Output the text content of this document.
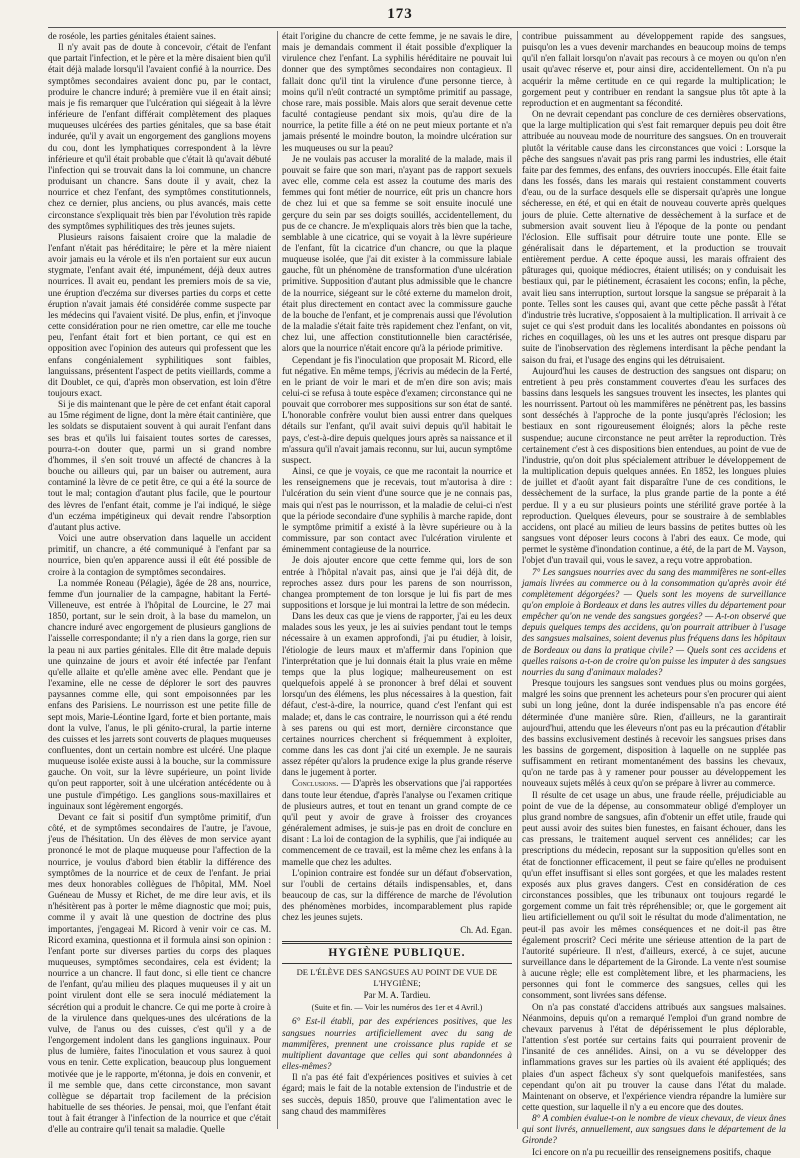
173

de roséole, les parties génitales étaient saines.

Il n'y avait pas de doute à concevoir, c'était de l'enfant que partait l'infection, et le père et la mère disaient bien qu'il était déjà malade lorsqu'il l'avaient confié à la nourrice. Des symptômes secondaires avaient donc pu, par le contact, produire le chancre induré; à première vue il en était ainsi; mais je fis remarquer que l'ulcération qui siégeait à la lèvre inférieure de l'enfant différait complètement des plaques muqueuses ulcérées des parties génitales, que sa base était indurée, qu'il y avait un engorgement des ganglions moyens du cou, dont les lymphatiques correspondent à la lèvre inférieure et qu'il était probable que c'était là qu'avait débuté l'infection qui se trouvait dans la loi commune, un chancre produisant un chancre. Sans doute il y avait, chez la nourrice et chez l'enfant, des symptômes constitutionnels, chez ce dernier, plus anciens, ou plus avancés, mais cette circonstance s'expliquait très bien par l'évolution très rapide des symptômes syphilitiques des très jeunes sujets.

Plusieurs raisons faisaient croire que la maladie de l'enfant n'était pas héréditaire; le père et la mère niaient avoir jamais eu la vérole et ils n'en portaient sur eux aucun stygmate, l'enfant avait été, impunément, déjà deux autres nourrices. Il avait eu, pendant les premiers mois de sa vie, une éruption d'eczéma sur diverses parties du corps et cette éruption n'avait jamais été considérée comme suspecte par les médecins qui l'avaient visité. De plus, enfin, et j'invoque cette considération pour ne rien omettre, car elle me touche peu, l'enfant était fort et bien portant, ce qui est en opposition avec l'opinion des auteurs qui professent que les enfans congénialement syphilitiques sont faibles, languissans, présentent l'aspect de petits vieillards, comme a dit Doublet, ce qui, d'après mon observation, est loin d'être toujours exact.

Si je dis maintenant que le père de cet enfant était caporal au 15me régiment de ligne, dont la mère était cantinière, que les soldats se disputaient souvent à qui aurait l'enfant dans ses bras et qu'ils lui faisaient toutes sortes de caresses, pourra-t-on douter que, parmi un si grand nombre d'hommes, il s'en soit trouvé un affecté de chancres à la bouche ou ailleurs qui, par un baiser ou autrement, aura contaminé la lèvre de ce petit être, ce qui a été la source de tout le mal; contagion d'autant plus facile, que le pourtour des lèvres de l'enfant était, comme je l'ai indiqué, le siège d'un eczéma impétigineux qui devait rendre l'absorption d'autant plus active.

Voici une autre observation dans laquelle un accident primitif, un chancre, a été communiqué à l'enfant par sa nourrice, bien qu'en apparence aussi il eût été possible de croire à la contagion de symptômes secondaires.

La nommée Roneau (Pélagie), âgée de 28 ans, nourrice, femme d'un journalier de la campagne, habitant la Ferté-Villeneuve, est entrée à l'hôpital de Lourcine, le 27 mai 1850, portant, sur le sein droit, à la base du mamelon, un chancre induré avec engorgement de plusieurs ganglions de l'aisselle correspondante; il n'y a rien dans la gorge, rien sur la peau ni aux parties génitales. Elle dit être malade depuis une quinzaine de jours et avoir été infectée par l'enfant qu'elle allaite et qu'elle amène avec elle. Pendant que je l'examine, elle ne cesse de déplorer le sort des pauvres paysannes comme elle, qui sont empoisonnées par les enfans des Parisiens. Le nourrisson est une petite fille de sept mois, Marie-Léontine Igard, forte et bien portante, mais dont la vulve, l'anus, le pli génito-crural, la partie interne des cuisses et les jarrets sont couverts de plaques muqueuses confluentes, dont un certain nombre est ulcéré. Une plaque muqueuse isolée existe aussi à la bouche, sur la commissure gauche. On voit, sur la lèvre supérieure, un point livide qu'on peut rapporter, soit à une ulcération antécédente ou à une pustule d'impétigo. Les ganglions sous-maxillaires et inguinaux sont légèrement engorgés.

Devant ce fait si positif d'un symptôme primitif, d'un côté, et de symptômes secondaires de l'autre, je l'avoue, j'eus de l'hésitation. Un des élèves de mon service ayant prononcé le mot de plaque muqueuse pour l'affection de la nourrice, je voulus d'abord bien établir la différence des symptômes de la nourrice et de ceux de l'enfant. Je priai mes deux honorables collègues de l'hôpital, MM. Noel Guéneau de Mussy et Richet, de me dire leur avis, et ils n'hésitèrent pas à porter le même diagnostic que moi; puis, comme il y avait là une question de doctrine des plus importantes, j'engageai M. Ricord à venir voir ce cas. M. Ricord examina, questionna et il formula ainsi son opinion : l'enfant porte sur diverses parties du corps des plaques muqueuses, symptômes secondaires, cela est évident; la nourrice a un chancre. Il faut donc, si elle tient ce chancre de l'enfant, qu'au milieu des plaques muqueuses il y ait un point virulent dont elle se sera inoculé médiatement la sécrétion qui a produit le chancre. Ce qui me porte à croire à de la virulence dans quelques-unes des ulcérations de la vulve, de l'anus ou des cuisses, c'est qu'il y a de l'engorgement indolent dans les ganglions inguinaux. Pour plus de lumière, faites l'inoculation et vous saurez à quoi vous en tenir. Cette explication, beaucoup plus longuement motivée que je le rapporte, m'étonna, je dois en convenir, et il me semble que, dans cette circonstance, mon savant collègue se départait trop facilement de la précision habituelle de ses théories. Je pensai, moi, que l'enfant était tout à fait étranger à l'infection de la nourrice et que c'était d'elle au contraire qu'il tenait sa maladie. Quelle

était l'origine du chancre de cette femme, je ne savais le dire, mais je demandais comment il était possible d'expliquer la virulence chez l'enfant. La syphilis héréditaire ne pouvait lui donner que des symptômes secondaires non contagieux. Il fallait donc qu'il tint la virulence d'une personne tierce, à moins qu'il n'eût contracté un symptôme primitif au passage, chose rare, mais possible. Mais alors que serait devenue cette faculté contagieuse pendant six mois, qu'au dire de la nourrice, la petite fille a été on ne peut mieux portante et n'a jamais présenté le moindre bouton, la moindre ulcération sur les muqueuses ou sur la peau?

Je ne voulais pas accuser la moralité de la malade, mais il pouvait se faire que son mari, n'ayant pas de rapport sexuels avec elle, comme cela est assez la coutume des maris des femmes qui font métier de nourrice, eût pris un chancre hors de chez lui et que sa femme se soit ensuite inoculé une gerçure du sein par ses doigts souillés, accidentellement, du pus de ce chancre. Je m'expliquais alors très bien que la tache, semblable à une cicatrice, qui se voyait à la lèvre supérieure de l'enfant, fût la cicatrice d'un chancre, ou que la plaque muqueuse isolée, que j'ai dit exister à la commissure labiale gauche, fût un phénomène de transformation d'une ulcération primitive. Supposition d'autant plus admissible que le chancre de la nourrice, siégeant sur le côté externe du mamelon droit, était plus directement en contact avec la commissure gauche de la bouche de l'enfant, et je comprenais aussi que l'évolution de la maladie s'était faite très rapidement chez l'enfant, on vit, chez lui, une affection constitutionnelle bien caractérisée, alors que la nourrice n'était encore qu'à la période primitive.

Cependant je fis l'inoculation que proposait M. Ricord, elle fut négative. En même temps, j'écrivis au médecin de la Ferté, en le priant de voir le mari et de m'en dire son avis; mais celui-ci se refusa à toute espèce d'examen; circonstance qui ne pouvait que corroborer mes suppositions sur son état de santé. L'honorable confrère voulut bien aussi entrer dans quelques détails sur l'enfant, qu'il avait suivi depuis qu'il habitait le pays, c'est-à-dire depuis quelques jours après sa naissance et il m'assura qu'il n'avait jamais reconnu, sur lui, aucun symptôme suspect.

Ainsi, ce que je voyais, ce que me racontait la nourrice et les renseignemens que je recevais, tout m'autorisa à dire : l'ulcération du sein vient d'une source que je ne connais pas, mais qui n'est pas le nourrisson, et la maladie de celui-ci n'est que la période secondaire d'une syphilis à marche rapide, dont le symptôme primitif a existé à la lèvre supérieure ou à la commissure, par son contact avec l'ulcération virulente et éminemment contagieuse de la nourrice.

Je dois ajouter encore que cette femme qui, lors de son entrée à l'hôpital n'avait pas, ainsi que je l'ai déjà dit, de reproches assez durs pour les parens de son nourrisson, changea promptement de ton lorsque je lui fis part de mes suppositions et lorsque je lui montrai la lettre de son médecin.

Dans les deux cas que je viens de rapporter, j'ai eu les deux malades sous les yeux, je les ai suivies pendant tout le temps nécessaire à un examen approfondi, j'ai pu étudier, à loisir, l'étiologie de leurs maux et m'affermir dans l'opinion que l'interprétation que je lui donnais était la plus vraie en même temps que la plus logique; malheureusement on est quelquefois appelé à se prononcer à bref délai et souvent lorsqu'un des élémens, les plus nécessaires à la question, fait défaut, c'est-à-dire, la nourrice, quand c'est l'enfant qui est malade; et, dans le cas contraire, le nourrisson qui a été rendu à ses parens ou qui est mort, dernière circonstance que certaines nourrices cherchent si fréquemment à exploiter, comme dans les cas dont j'ai cité un exemple. Je ne saurais assez répéter qu'alors la prudence exige la plus grande réserve dans le jugement à porter.

Conclusions. — D'après les observations que j'ai rapportées dans toute leur étendue, d'après l'analyse ou l'examen critique de plusieurs autres, et tout en tenant un grand compte de ce qu'il peut y avoir de grave à froisser des croyances généralement admises, je suis-je pas en droit de conclure en disant : La loi de contagion de la syphilis, que j'ai indiquée au commencement de ce travail, est la même chez les enfans à la mamelle que chez les adultes.

L'opinion contraire est fondée sur un défaut d'observation, sur l'oubli de certains détails indispensables, et, dans beaucoup de cas, sur la différence de marche de l'évolution des phénomènes morbides, incomparablement plus rapide chez les jeunes sujets.

Ch. Ad. Egan.

HYGIÈNE PUBLIQUE.

DE L'ÉLÈVE DES SANGSUES AU POINT DE VUE DE L'HYGIÈNE;

Par M. A. Tardieu.

(Suite et fin. — Voir les numéros des 1er et 4 Avril.)

6° Est-il établi, par des expériences positives, que les sangsues nourries artificiellement avec du sang de mammifères, prennent une croissance plus rapide et se multiplient davantage que celles qui sont abandonnées à elles-mêmes?

Il n'a pas été fait d'expériences positives et suivies à cet égard; mais le fait de la notable extension de l'industrie et de ses succès, depuis 1850, prouve que l'alimentation avec le sang chaud des mammifères

contribue puissamment au développement rapide des sangsues, puisqu'on les a vues devenir marchandes en beaucoup moins de temps qu'il n'en fallait lorsqu'on n'avait pas recours à ce moyen ou qu'on n'en usait qu'avec réserve et, pour ainsi dire, accidentellement. On n'a pu acquérir la même certitude en ce qui regarde la multiplication; le gorgement peut y contribuer en rendant la sangsue plus tôt apte à la reproduction et en augmentant sa fécondité.

On ne devrait cependant pas conclure de ces dernières observations, que la large multiplication qui s'est fait remarquer depuis peu doit être attribuée au nouveau mode de nourriture des sangsues. On en trouverait plutôt la véritable cause dans les circonstances que voici : Lorsque la pêche des sangsues n'avait pas pris rang parmi les industries, elle était faite par des femmes, des enfans, des ouvriers inoccupés. Elle était faite dans les fossés, dans les marais qui restaient constamment couverts d'eau, ou de la surface desquels elle se dispersait qu'après une longue sécheresse, en été, et qui en était de nouveau couverte après quelques jours de pluie. Cette alternative de dessèchement à la surface et de submersion avait souvent lieu à l'époque de la ponte ou pendant l'éclosion. Elle suffisait pour détruire toute une ponte. Elle se généralisait dans le département, et la production se trouvait entièrement perdue. A cette époque aussi, les marais offraient des pâturages qui, quoique médiocres, étaient utilisés; on y conduisait les bestiaux qui, par le piétinement, écrasaient les cocons; enfin, la pêche, avait lieu sans interruption, surtout lorsque la sangsue se préparait à la ponte. Telles sont les causes qui, avant que cette pêche passât à l'état d'industrie très lucrative, s'opposaient à la multiplication. Il arrivait à ce sujet ce qui s'est produit dans les localités abondantes en poissons où riches en coquillages, où les uns et les autres ont presque disparu par suite de l'inobservation des règlemens interdisant la pêche pendant la saison du frai, et l'usage des engins qui les détruisaient.

Aujourd'hui les causes de destruction des sangsues ont disparu; on entretient à peu près constamment couvertes d'eau les surfaces des bassins dans lesquels les sangsues trouvent les insectes, les plantes qui les nourrissent. Partout où les mammifères ne pénètrent pas, les bassins sont desséchés à l'approche de la ponte jusqu'après l'éclosion; les bestiaux en sont rigoureusement éloignés; alors la pêche reste suspendue; aucune circonstance ne peut arrêter la reproduction. Très certainement c'est à ces dispositions bien entendues, au point de vue de l'industrie, qu'on doit plus spécialement attribuer le développement de la multiplication depuis quelques années. En 1852, les longues pluies de juillet et d'août ayant fait disparaître l'une de ces conditions, le dessèchement de la surface, la plus grande partie de la ponte a été perdue. Il y a eu sur plusieurs points une stérilité grave portée à la reproduction. Quelques éleveurs, pour se soustraire à de semblables accidens, ont placé au milieu de leurs bassins de petites buttes où les sangsues vont déposer leurs cocons à l'abri des eaux. Ce mode, qui permet le système d'inondation continue, a été, de la part de M. Vayson, l'objet d'un travail qui, vous le savez, a reçu votre approbation.

7° Les sangsues nourries avec du sang des mammifères ne sont-elles jamais livrées au commerce ou à la consommation qu'après avoir été complètement dégorgées? — Quels sont les moyens de surveillance qu'on emploie à Bordeaux et dans les autres villes du département pour empêcher qu'on ne vende des sangsues gorgées? — A-t-on observé que depuis quelques temps des accidens, qu'on pourrait attribuer à l'usage des sangsues malsaines, soient devenus plus fréquens dans les hôpitaux de Bordeaux ou dans la pratique civile? — Quels sont ces accidens et quelles raisons a-t-on de croire qu'on puisse les imputer à des sangsues nourries du sang d'animaux malades?

Presque toujours les sangsues sont vendues plus ou moins gorgées, malgré les soins que prennent les acheteurs pour s'en procurer qui aient subi un long jeûne, dont la durée indispensable n'a pas encore été déterminée d'une manière sûre. Rien, d'ailleurs, ne la garantirait aujourd'hui, attendu que les éleveurs n'ont pas eu la précaution d'établir des bassins exclusivement destinés à recevoir les sangsues prises dans les bassins de gorgement, disposition à laquelle on ne supplée pas suffisamment en retirant momentanément des bassins les chevaux, qu'on ne tarde pas à y ramener pour pousser au développement les nouveaux sujets mêlés à ceux qu'on se prépare à livrer au commerce.

Il résulte de cet usage un abus, une fraude réelle, préjudiciable au point de vue de la dépense, au consommateur obligé d'employer un plus grand nombre de sangsues, afin d'obtenir un effet utile, fraude qui peut aussi avoir des suites bien funestes, en faisant échouer, dans les cas pressans, le traitement auquel servent ces annélides; car les prescriptions du médecin, reposant sur la supposition qu'elles sont en état de fonctionner efficacement, il peut se faire qu'elles ne produisent qu'un effet insuffisant si elles sont gorgées, et que les malades restent exposés aux plus graves dangers. C'est en considération de ces circonstances possibles, que les tribunaux ont toujours regardé le gorgement comme un fait très répréhensible; or, que le gorgement ait lieu artificiellement ou qu'il soit le résultat du mode d'alimentation, ne peut-il pas avoir les mêmes conséquences et ne doit-il pas être également proscrit? Ceci mérite une sérieuse attention de la part de l'autorité supérieure. Il n'est, d'ailleurs, exercé, à ce sujet, aucune surveillance dans le département de la Gironde. La vente n'est soumise à aucune règle; elle est complètement libre, et les pharmaciens, les personnes qui font le commerce des sangsues, celles qui les consomment, sont livrées sans défense.

On n'a pas constaté d'accidens attribués aux sangsues malsaines. Néanmoins, depuis qu'on a remarqué l'emploi d'un grand nombre de chevaux parvenus à l'état de dépérissement le plus déplorable, l'attention s'est portée sur certains faits qui pourraient provenir de l'insanité de ces annélides. Ainsi, on a vu se développer des inflammations graves sur les parties où ils avaient été appliqués; des plaies d'un aspect fâcheux s'y sont quelquefois manifestées, sans cependant qu'on ait pu trouver la cause dans l'état du malade. Maintenant on observe, et l'expérience viendra répandre la lumière sur cette question, sur laquelle il n'y a eu encore que des doutes.

8° A combien évalue-t-on le nombre de vieux chevaux, de vieux ânes qui sont livrés, annuellement, aux sangsues dans le département de la Gironde?

Ici encore on n'a pu recueillir des renseignemens positifs, chaque
